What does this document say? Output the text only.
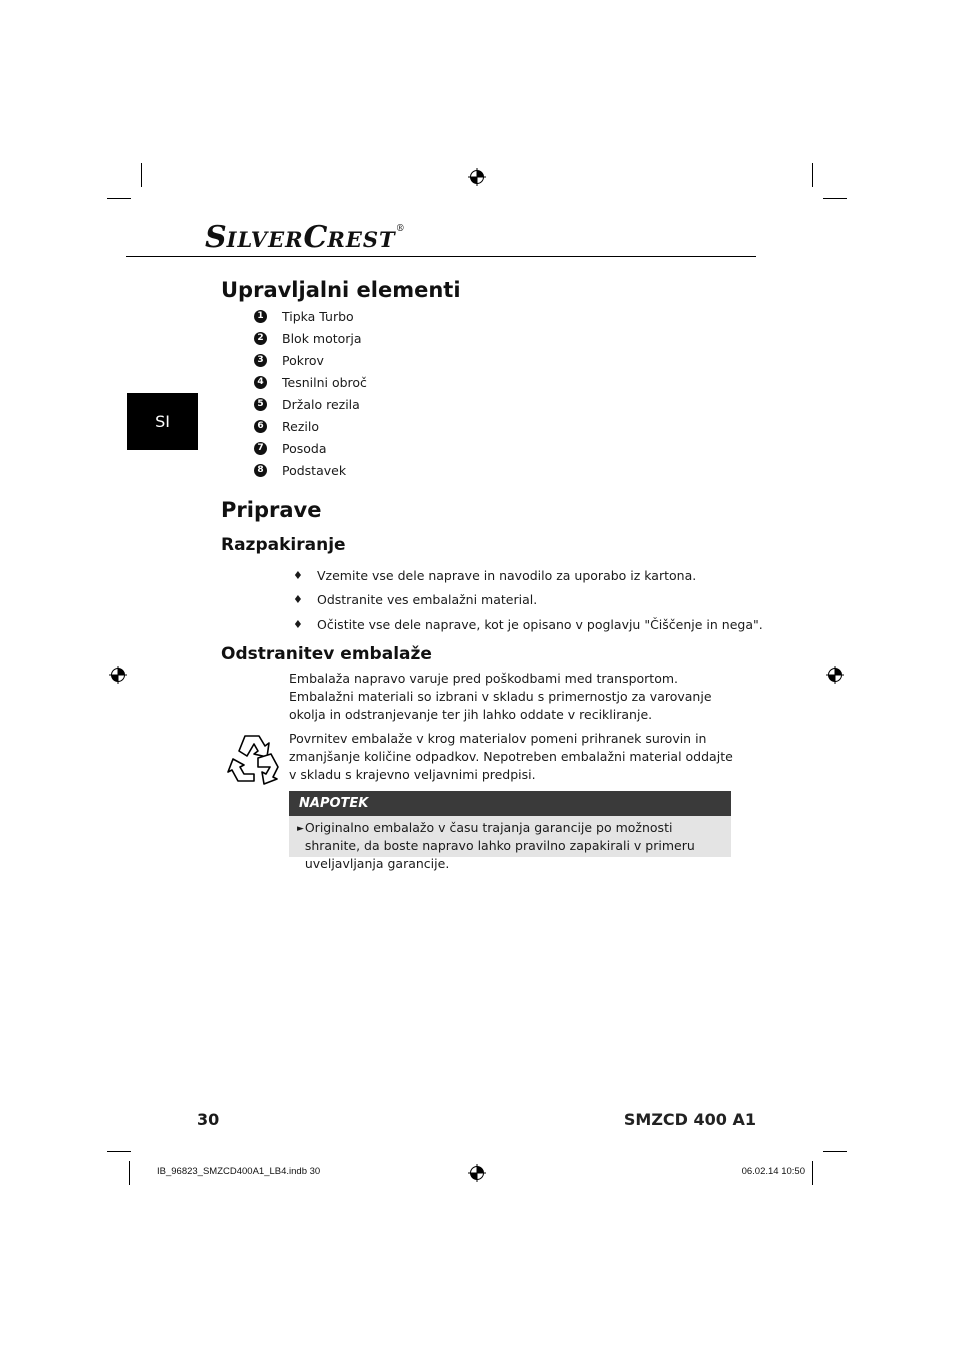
SILVERCREST®
SI
Upravljalni elementi
1 Tipka Turbo
2 Blok motorja
3 Pokrov
4 Tesnilni obroč
5 Držalo rezila
6 Rezilo
7 Posoda
8 Podstavek
Priprave
Razpakiranje
♦	Vzemite vse dele naprave in navodilo za uporabo iz kartona.
♦	Odstranite ves embalažni material.
♦	Očistite vse dele naprave, kot je opisano v poglavju "Čiščenje in nega".
Odstranitev embalaže

Embalaža napravo varuje pred poškodbami med transportom. Embalažni materiali so izbrani v skladu s primernostjo za varovanje okolja in odstranjevanje ter jih lahko oddate v recikliranje.

Povrnitev embalaže v krog materialov pomeni prihranek surovin in zmanjšanje količine odpadkov. Nepotreben embalažni material oddajte v skladu s krajevno veljavnimi predpisi.

NAPOTEK
► Originalno embalažo v času trajanja garancije po možnosti shranite, da boste napravo lahko pravilno zapakirali v primeru uveljavljanja garancije.
30	SMZCD 400 A1
IB_96823_SMZCD400A1_LB4.indb 30	06.02.14 10:50
